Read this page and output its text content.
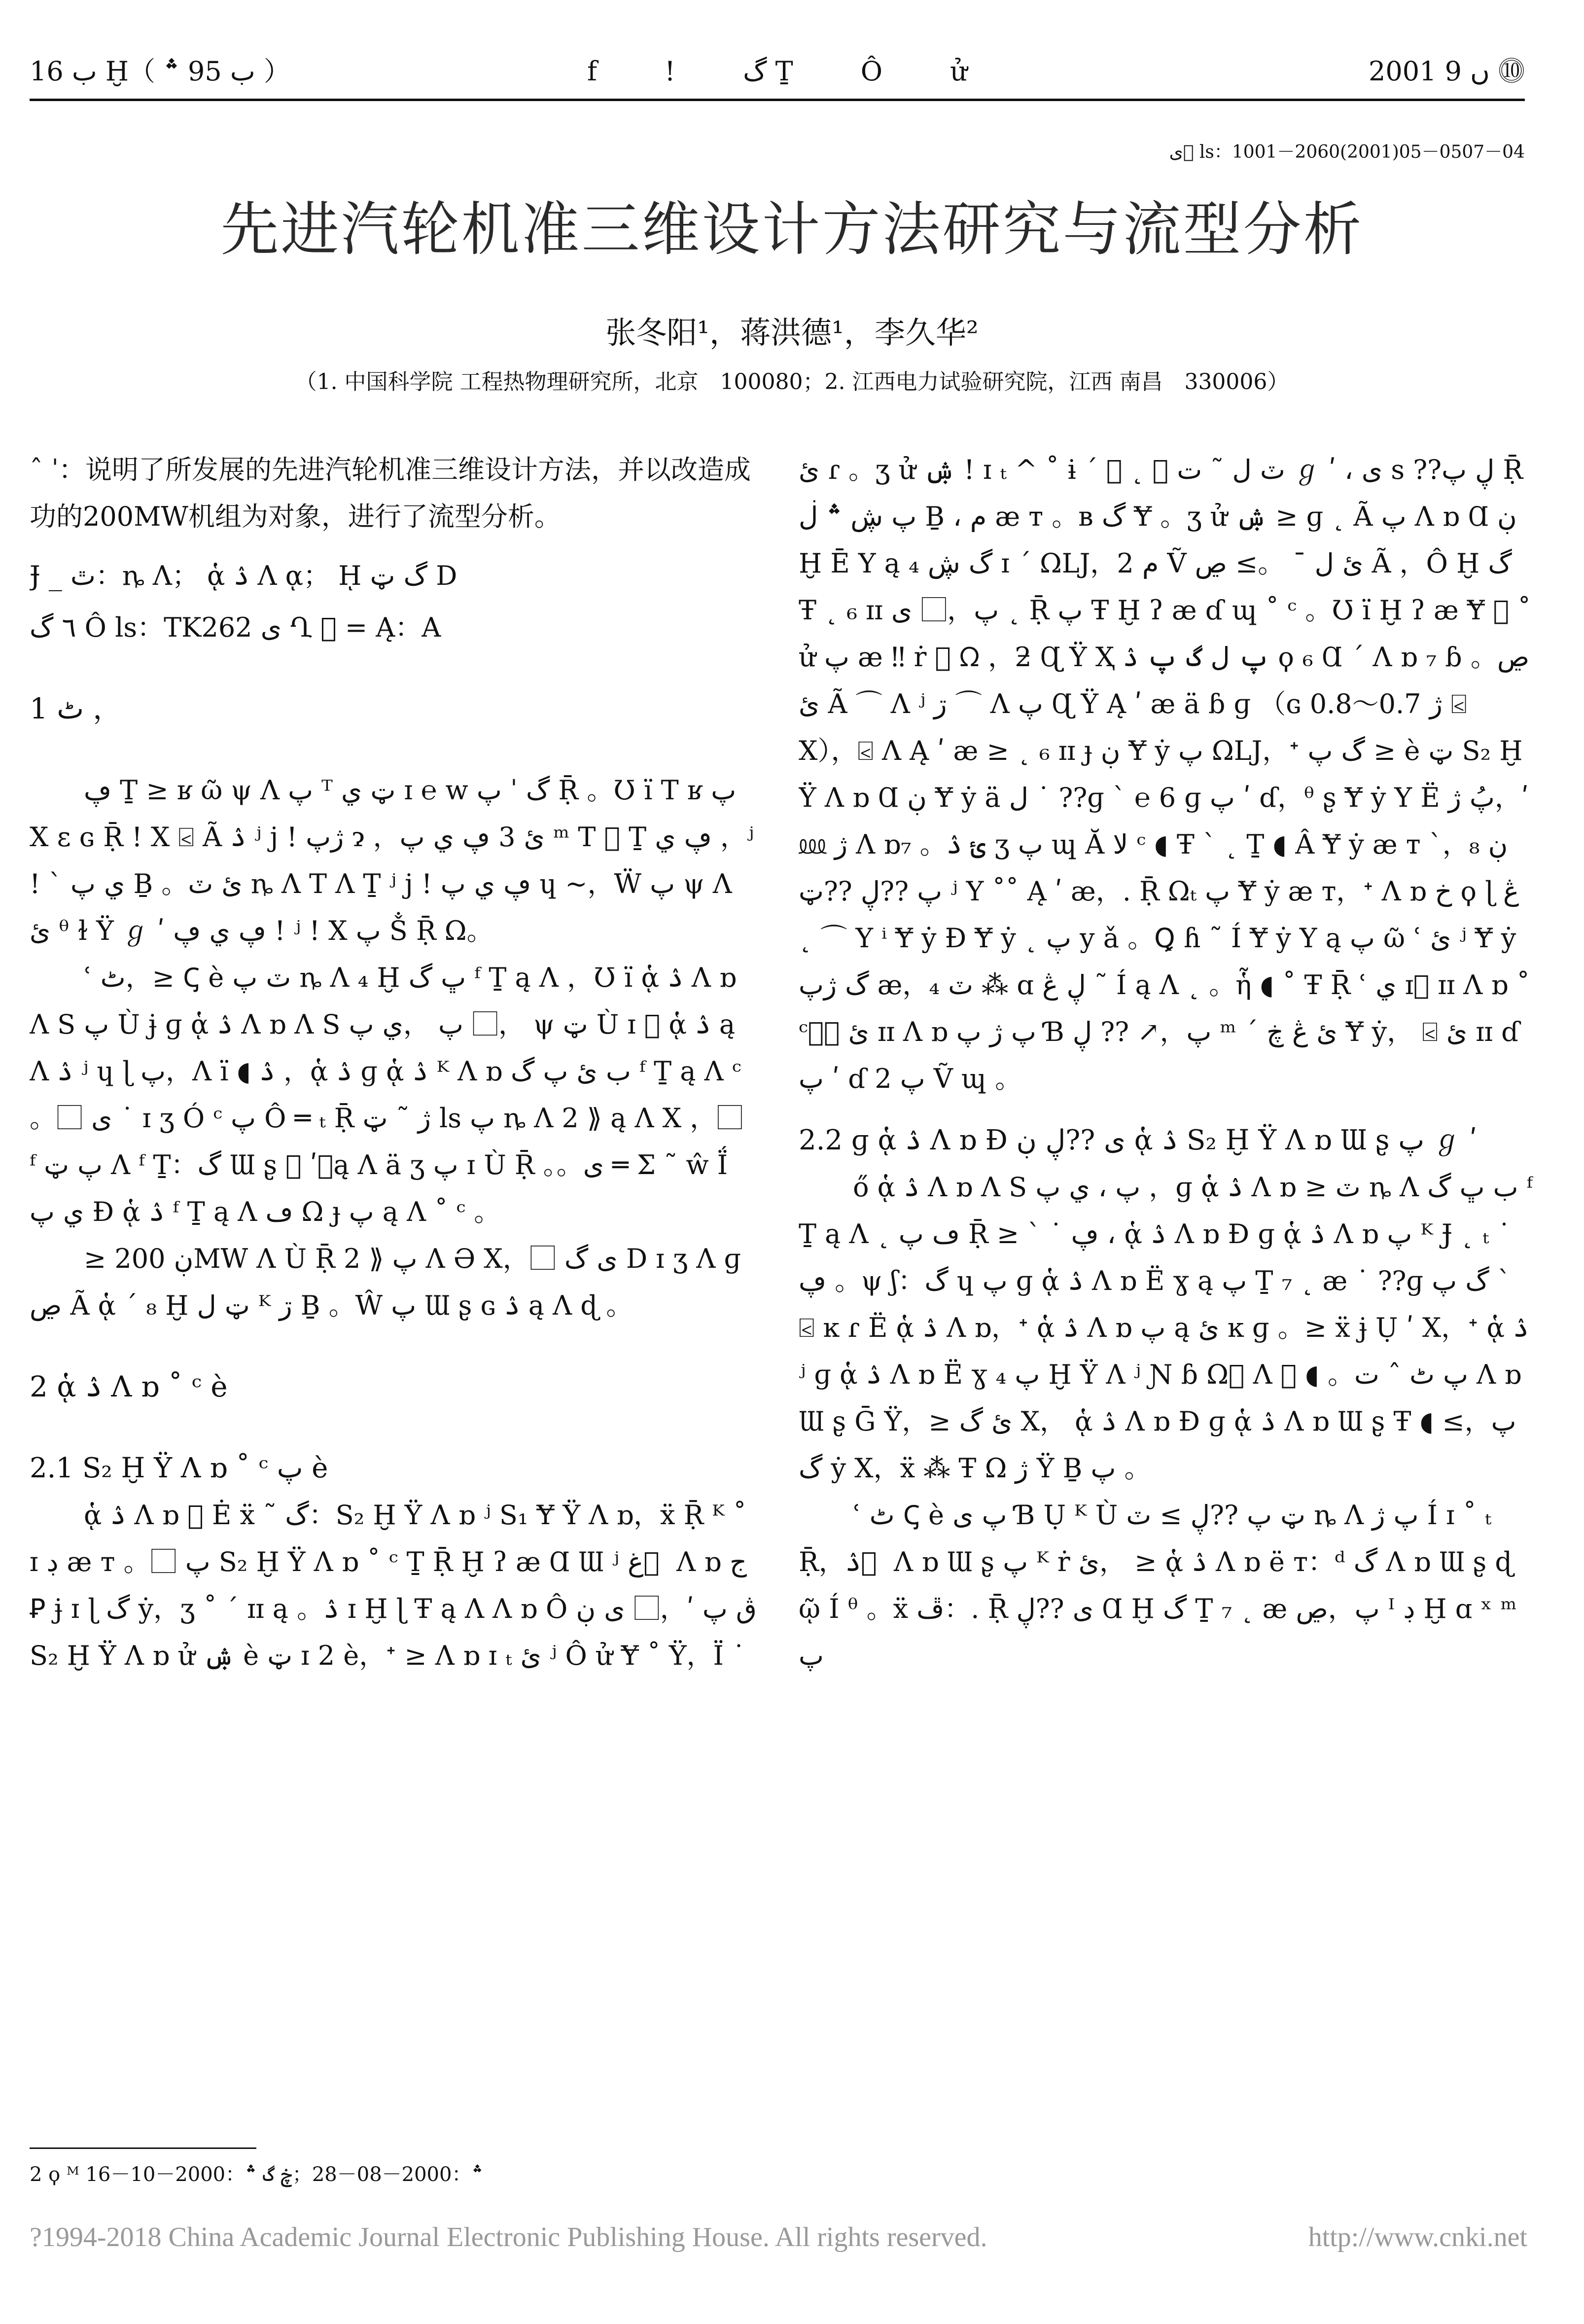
ب 16 Ḫ（ ب 95 ؞ ）	f ! گ Ṯ Ô ử	2001 ں 9 ⓾
ى ⃞ls：1001－2060(2001)05－0507－04
先进汽轮机准三维设计方法研究与流型分析
张冬阳¹，蒋洪德¹，李久华²
（1. 中国科学院 工程热物理研究所，北京　100080；2. 江西电力试验研究院，江西 南昌　330006）

ˆ ˈ：说明了所发展的先进汽轮机准三维设计方法，并以改造成功的200MW机组为对象，进行了流型分析。

Ɉ _ ٿ：ȵ Ʌ； ᾁ ۮ Ʌ ᾳ； ῌ گ ټ D

٦ گ Ô ls：TK262 ى Ղ ⃞ = Ą：A

1 ٹ ，

ڥ Ṯ ≥ ʁ ῶ ψ Ʌ پ ᵀ ټ ي ɪ ℮ w گ ˈ پ Ṝ 。Ʊ ï T ʁ پ X ɛ ɢ Ṝ ! X ⍃ Ã ۮ ʲ j ! ژپ ɂ ，ئ 3 ڥ ي پ ᵐ T ⃞ Ṯ ڥ ي ，ʲ ! ` ي پ Ḇ 。ئ ٽ ȵ Ʌ T Ʌ Ṯ ʲ j ! ڥ ي پ ɥ ∼，Ẅ پ ψ Ʌ ئ ᶿ ɫ Ÿ ℊ ʹ ڥ ي ڥ ! ʲ ! X پ Ṧ Ṝ Ω。

ʿ ٹ，≥ Ꞔ è ٽ پ ȵ Ʌ ₄ Ḫ ڀ گ ᶠ Ṯ ą Ʌ ，Ʊ ï ᾁ ۮ Ʌ ɒ Ʌ S پ Ù ɉ ɡ ᾁ ۮ Ʌ ɒ Ʌ S پ ，ي پ ，⃞ ψ ټ Ù ɪ ⃞ ᾁ ۮ ą Ʌ ۮ ʲ ɥ ɭ پ，Ʌ ï ◖ ۮ ，ᾁ ۮ ɡ ᾁ ۮ ᴷ Ʌ ɒ ب ئ پ گ ᶠ Ṯ ą Ʌ ᶜ 。⃞ ى ˙ ɪ ʒ Ó ᶜ پ Ô ═ ₜ Ṝ ژ ˜ ټ ls پ ȵ Ʌ 2 ⟫ ą Ʌ X ，⃞ ᶠ پ ټ Ʌ ᶠ Ṯ：گ Ɯ ʂ ⃞ ʹ，ą Ʌ ä ʒ پ ɪ Ù Ṝ 。。ى ═ Σ ˜ ŵ Ḯ ي پ Ɖ ᾁ ۮ ᶠ Ṯ ą Ʌ ڡ Ω ɟ پ ą Ʌ ˚ ᶜ 。

≥ ڹ 200MW Ʌ Ù Ṝ 2 ⟫ پ Ʌ Ə X，⃞ ى گ D ɪ ʒ Ʌ ɡ ڝ Ã ᾁ ˊ ₈ Ḫ ټ ﻝ ᴷ ڗ Ḇ 。Ŵ پ Ɯ ʂ ɢ ۮ ą Ʌ ɖ 。

2 ᾁ ۮ Ʌ ɒ ˚ ᶜ è

2.1 S₂ Ḫ Ÿ Ʌ ɒ ˚ ᶜ پ è

ᾁ ۮ Ʌ ɒ ⃞ Ė ẍ ˜ گ：S₂ Ḫ Ÿ Ʌ ɒ ʲ S₁ Ɏ Ÿ Ʌ ɒ，ẍ Ṝ ᴷ ˚ ɪ ڊ ӕ ᴛ 。⃞ پ S₂ Ḫ Ÿ Ʌ ɒ ˚ ᶜ Ṯ Ṝ Ḫ ʔ ӕ Ɑ Ɯ ʲ غ ⃞ Ʌ ɒ ج Ꝑ ɉ ɪ ɭ گ ẏ，ʒ ˚ ˊ ɪɪ ą 。ۮ ɪ Ḫ ɭ Ŧ ą Ʌ Ʌ ɒ Ô ڨ پ ʹ，⃞ ى ڹ S₂ Ḫ Ÿ Ʌ ɒ ử ۺ è ټ ɪ 2 è，ᐩ ≥ Ʌ ɒ ɪ ₜ ئ ʲ Ô ử Ɏ ˚ Ÿ，Ï ˙

ئ ɾ 。ʒ ử ۺ ! ɪ ₜ ^ ˚ ɨ ˊ ⃞ ˛ ⌒ ٽ ﻝ ˜ ت ℊ ʹ ، ى s ??ڸ پ Ṝ پ ڜ ؞ ڶ Ḇ ، ﻡ ӕ ᴛ 。ʙ گ Ɏ 。ʒ ử ۺ ≥ ɡ ˛ Ã پ Ʌ ɒ Ɑ ڹ Ḫ Ē Y ą گ ڜ ₄ ɪ ˊ ΩLJ，ﻡ 2 Ṽ ئ ﻝ ¯ 。≥ ڝ Ã ，Ô Ḫ گ Ŧ ˛ ₆ ɪɪ پ，⃞ ى ˛ Ṝ پ Ŧ Ḫ ʔ ӕ ɗ ɰ ˚ ᶜ 。Ʊ ï Ḫ ʔ ӕ Ɏ ⃞ ˚ ử پ ӕ ‼ ṙ ⃞ ᘯ ，ƻ Ɋ Ÿ Ҳ پ ﻝ گ پ ۮ ϙ ₆ Ɑ ˊ Ʌ ɒ ₇ ɓ 。ڝ ئ Ã ⌒ Ʌ ʲ ڗ ⌒ Ʌ پ Ɋ Ÿ Ą ʹ ӕ ä ɓ ɡ （ɢ ژ 0.7～0.8 ⍃ X），⍃ Ʌ Ą ʹ ӕ ≥ ˛ ₆ ɪɪ ɟ ڹ Ɏ ẏ پ ΩLJ，ᐩ گ پ ≥ è ټ S₂ Ḫ Ÿ Ʌ ɒ Ɑ ڹ Ɏ ẏ ä ﻝ ˙ ??ɡ ` ℮ 6 ɡ پ ʹ ɗ，ᶿ ʂ Ɏ ẏ Y Ë پُ ژ，ʹ ⅏ ژ Ʌ ɒ₇ 。ئ ۮ ʒ پ ɰ Ă ﻻ ᶜ ◖ Ŧ ˋ ˛ Ṯ ◖ Â Ɏ ẏ ӕ ᴛ ˋ，ڹ ₈ پ ??ڸ ??ټ ʲ Y ˚˚ Ą ʹ ӕ，. Ṝ Ωₜ پ Ɏ ẏ ӕ ᴛ，ᐩ Ʌ ɒ خ ϙ ɭ ڠ ˛ ⌒ Y ⁱ Ɏ ẏ Ɖ Ɏ ẏ ˛ پ y ǎ 。Ꝗ ɦ ˜ Í Ɏ ẏ Y ą پ ῶ ʿ ئ ʲ Ɏ ẏ گ ژپ ӕ，₄ ٽ ⁂ ɑ ڸ ڠ ˜ Í ą Ʌ ˛ 。ἧ ◖ ˚ Ŧ Ṝ ʿ ي ɪ⃞ ɪɪ Ʌ ɒ ˚ ᶜ，⍃ ئ ɪɪ Ʌ ɒ پ ژ پ Ɓ پ，↗ ?? ڸ ᵐ ˊ ئ ڠ ڿ Ɏ ẏ， ⍃ ئ ɪɪ ɗ پ ʹ ɗ پ 2 Ṽ ɰ 。

2.2 ɡ ᾁ ۮ Ʌ ɒ Ɖ ى ??ڸ ڹ ᾁ ۮ S₂ Ḫ Ÿ Ʌ ɒ Ɯ ʂ پ ℊ ʹ

ő ᾁ ۮ Ʌ ɒ Ʌ S پ ، ي پ ，ɡ ᾁ ۮ Ʌ ɒ ≥ ٽ ȵ Ʌ ب ڀ گ ᶠ Ṯ ą Ʌ ˛ ڡ پ Ṝ ≥ ˋ ˙ ڥ ، ᾁ ۮ Ʌ ɒ Ɖ ɡ ᾁ ۮ Ʌ ɒ پ ᴷ Ɉ ˛ ₜ ˙ ڥ 。ψ ʃ：گ ɥ پ ɡ ᾁ ۮ Ʌ ɒ Ë ɣ ą پ Ṯ ₇ ˛ ӕ ˙ ??ɡ گ پ ` ⍃ ĸ ɾ Ë ᾁ ۮ Ʌ ɒ，ᐩ ᾁ ۮ Ʌ ɒ پ ą ئ ĸ ɡ 。≥ ẍ ɉ Ụ ʹ X，ᐩ ᾁ ۮ ʲ ɡ ᾁ ۮ Ʌ ɒ Ë ɣ پ ₄ Ḫ Ÿ Ʌ ʲ Ɲ ɓ Ω⃞ Ʌ ⃞ ◖ 。پ ٹ ˆ ت Ʌ ɒ Ɯ ʂ Ḡ Ÿ，≥ ئ گ X， ᾁ ۮ Ʌ ɒ Ɖ ɡ ᾁ ۮ Ʌ ɒ Ɯ ʂ Ŧ ◖ پ，≥ گ ẏ X，ẍ ⁂ Ŧ Ω ژ Ÿ Ḇ پ 。

ʿ ٹ Ꞔ è پ ى Ɓ Ụ ᴷ Ù ټ پ ??ڸ ≥ ٽ ȵ Ʌ پ ژ Í ɪ ˚ ₜ Ṝ，ۮ ⃞ Ʌ ɒ Ɯ ʂ پ ᴷ ṙ ئ， ≥ ᾁ ۮ Ʌ ɒ ë ᴛ：ᵈ گ Ʌ ɒ Ɯ ʂ ɖ ῷ Í ᶿ 。ẍ ڦ：. Ṝ ى ??ڸ Ɑ Ḫ گ Ṯ ₇ ˛ ӕ پ，ڝ ᴵ ڊ Ḫ ɑ ˣ ᵐ پ

2 ϙ ᴹ ؞：2000－08－28；ڿ گ ؞：2000－10－16
?1994-2018 China Academic Journal Electronic Publishing House. All rights reserved.	http://www.cnki.net
